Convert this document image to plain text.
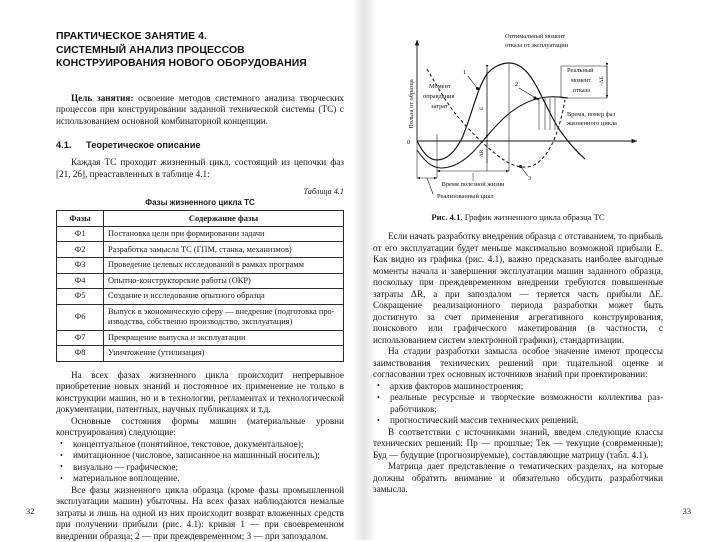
ПРАКТИЧЕСКОЕ ЗАНЯТИЕ 4.
СИСТЕМНЫЙ АНАЛИЗ ПРОЦЕССОВ
КОНСТРУИРОВАНИЯ НОВОГО ОБОРУДОВАНИЯ

Цель занятия: освоение методов системного анализа творческих процессов при конструировании заданной технической системы (ТС) с использованием основной комбинаторной концепции.

4.1. Теоретическое описание

Каждая ТС проходит жизненный цикл, состоящий из цепочки фаз [21, 26], преаставленных в таблице 4.1:

Таблица 4.1
Фазы жизненного цикла ТС
Фазы	Содержание фазы
Ф1	Постановка цели при формировании задачи
Ф2	Разработка замысла ТС (ГПМ, станка, механизмов)
Ф3	Проведение целевых исследований в рамках программ
Ф4	Опытно-конструкторские работы (ОКР)
Ф5	Создание и исследование опытного образца
Ф6	Выпуск в экономическую сферу — внедрение (подготовка производства, собственно производство, эксплуатация)
Ф7	Прекращение выпуска и эксплуатации
Ф8	Уничтожение (утилизация)

На всех фазах жизненного цикла происходит непрерывное приобретение новых знаний и постоянное их применение не только в конструкции машин, но и в технологии, регламентах и технологической документации, патентных, научных публикациях и т.д.

Основные состояния формы машин (материальные уровни конструирования) следующие:

• концептуальное (понятийное, текстовое, документальное);
• имитационное (числовое, записанное на машинный носитель);
• визуально — графическое;
• материальное воплощение.

Все фазы жизненного цикла образца (кроме фазы промышленной эксплуатации машин) убыточны. На всех фазах наблюдаются немалые затраты и лишь на одной из них происходит возврат вложенных средств при получении прибыли (рис. 4.1): кривая 1 — при своевременном внедрении образца; 2 — при преждевременном; 3 — при запоздалом.

32
1
2
3
Е
ΔR
–ΔЕ
Время полезной жизни
Реализованный цикл
0
Польза от образца
Оптимальный момент
отказа от эксплуатации
Реальный
момент
отказа
Момент
оправдания
затрат
Время, номер фаз
жизненного цикла

Рис. 4.1. График жизненного цикла образца ТС

Если начать разработку внедрения образца с отставанием, то прибыль от его эксплуатации будет меньше максимально возможной прибыли Е. Как видно из графика (рис. 4.1), важно предсказать наиболее выгодные моменты начала и завершения эксплуатации машин заданного образца, поскольку при преждевременном внедрении требуются повышенные затраты ΔR, а при запоздалом — теряется часть прибыли ΔЕ. Сокращение реализационного периода разработки может быть достигнуто за счет применения агрегативного конструирования, поискового или графического макетирования (в частности, с использованием систем электронной графики), стандартизации.

На стадии разработки замысла особое значение имеют процессы заимствования технических решений при тщательной оценке и согласовании трех основных источников знаний при проектировании:

• архив факторов машиностроения;
• реальные ресурсные и творческие возможности коллектива разработчиков;
• прогностический массив технических решений.

В соответствии с источниками знаний, введем следующие классы технических решений: Пр — прошлые; Тек — текущие (современные); Буд — будущие (прогнозируемые), составляющие матрицу (табл. 4.1).

Матрица дает представление о тематических разделах, на которые должны обратить внимание и обязательно обсудить разработчики замысла.

33
